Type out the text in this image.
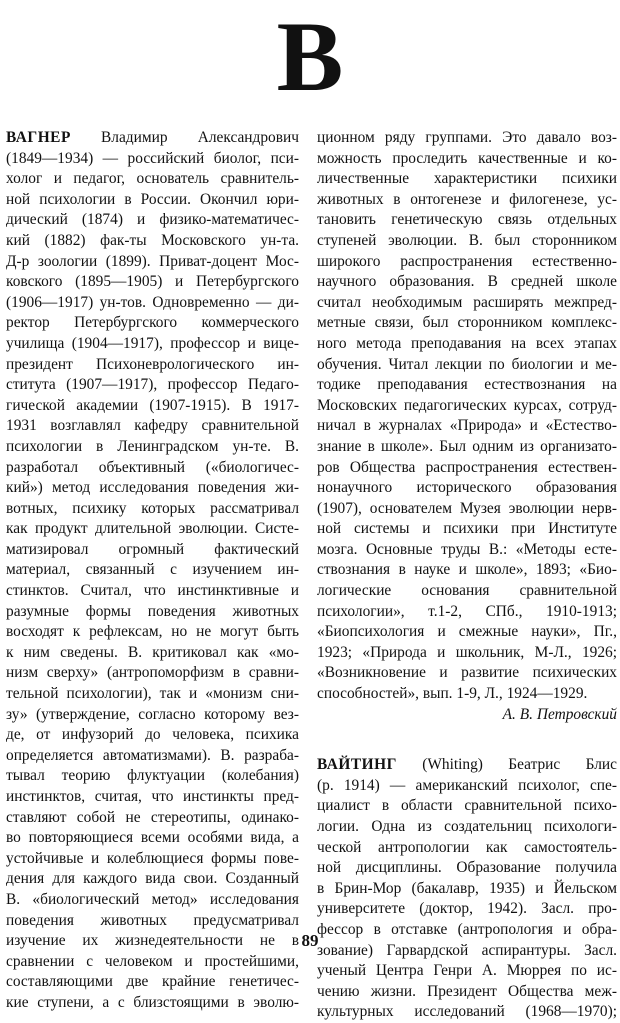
В
ВАГНЕР Владимир Александрович
(1849—1934) — российский биолог, пси-
холог и педагог, основатель сравнитель-
ной психологии в России. Окончил юри-
дический (1874) и физико-математичес-
кий (1882) фак-ты Московского ун-та.
Д-р зоологии (1899). Приват-доцент Мос-
ковского (1895—1905) и Петербургского
(1906—1917) ун-тов. Одновременно — ди-
ректор Петербургского коммерческого
училища (1904—1917), профессор и вице-
президент Психоневрологического ин-
ститута (1907—1917), профессор Педаго-
гической академии (1907-1915). В 1917-
1931 возглавлял кафедру сравнительной
психологии в Ленинградском ун-те. В.
разработал объективный («биологичес-
кий») метод исследования поведения жи-
вотных, психику которых рассматривал
как продукт длительной эволюции. Систе-
матизировал огромный фактический
материал, связанный с изучением ин-
стинктов. Считал, что инстинктивные и
разумные формы поведения животных
восходят к рефлексам, но не могут быть
к ним сведены. В. критиковал как «мо-
низм сверху» (антропоморфизм в сравни-
тельной психологии), так и «монизм сни-
зу» (утверждение, согласно которому вез-
де, от инфузорий до человека, психика
определяется автоматизмами). В. разраба-
тывал теорию флуктуации (колебания)
инстинктов, считая, что инстинкты пред-
ставляют собой не стереотипы, одинако-
во повторяющиеся всеми особями вида, а
устойчивые и колеблющиеся формы пове-
дения для каждого вида свои. Созданный
В. «биологический метод» исследования
поведения животных предусматривал
изучение их жизнедеятельности не в
сравнении с человеком и простейшими,
составляющими две крайние генетичес-
кие ступени, а с близстоящими в эволю-
ционном ряду группами. Это давало воз-
можность проследить качественные и ко-
личественные характеристики психики
животных в онтогенезе и филогенезе, ус-
тановить генетическую связь отдельных
ступеней эволюции. В. был сторонником
широкого распространения естественно-
научного образования. В средней школе
считал необходимым расширять межпред-
метные связи, был сторонником комплекс-
ного метода преподавания на всех этапах
обучения. Читал лекции по биологии и ме-
тодике преподавания естествознания на
Московских педагогических курсах, сотруд-
ничал в журналах «Природа» и «Естество-
знание в школе». Был одним из организато-
ров Общества распространения естествен-
нонаучного исторического образования
(1907), основателем Музея эволюции нерв-
ной системы и психики при Институте
мозга. Основные труды В.: «Методы есте-
ствознания в науке и школе», 1893; «Био-
логические основания сравнительной
психологии», т.1-2, СПб., 1910-1913;
«Биопсихология и смежные науки», Пг.,
1923; «Природа и школьник, М-Л., 1926;
«Возникновение и развитие психических
способностей», вып. 1-9, Л., 1924—1929.
А. В. Петровский
ВАЙТИНГ (Whiting) Беатрис Блис
(р. 1914) — американский психолог, спе-
циалист в области сравнительной психо-
логии. Одна из создательниц психологи-
ческой антропологии как самостоятель-
ной дисциплины. Образование получила
в Брин-Мор (бакалавр, 1935) и Йельском
университете (доктор, 1942). Засл. про-
фессор в отставке (антропология и обра-
зование) Гарвардской аспирантуры. Засл.
ученый Центра Генри А. Мюррея по иc-
чению жизни. Президент Общества меж-
культурных исследований (1968—1970);
89
